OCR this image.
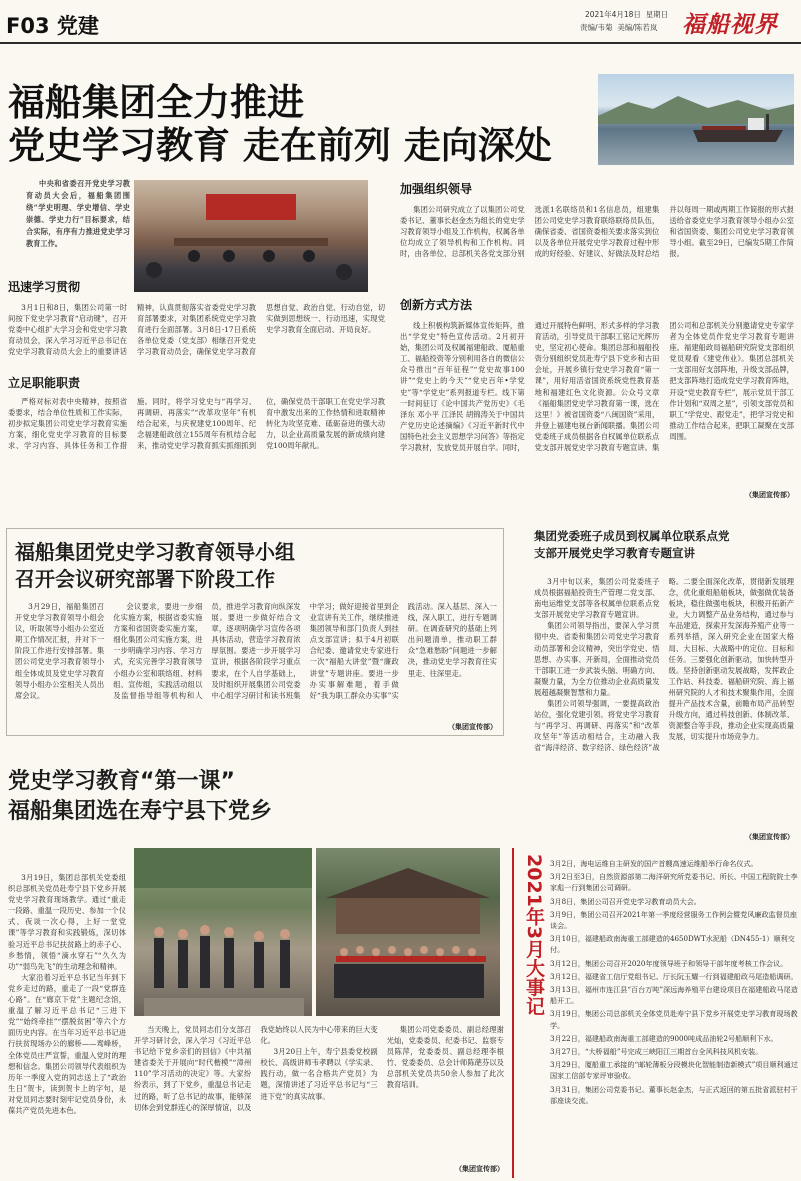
F03 党建	2021年4月18日 星期日
责编/韦菊 美编/陈若岚 福船视界
福船集团全力推进
党史学习教育 走在前列 走向深处
中央和省委召开党史学习教育动员大会后，福船集团围绕“学史明理、学史增信、学史崇德、学史力行”目标要求，结合实际，有序有力推进党史学习教育工作。
迅速学习贯彻

3月1日和8日，集团公司第一时间按下党史学习教育“启动键”，召开党委中心组扩大学习会和党史学习教育动员会，深入学习习近平总书记在党史学习教育动员大会上的重要讲话精神，认真贯彻落实省委党史学习教育部署要求，对集团系统党史学习教育进行全面部署。3月8日-17日系统各单位党委（党支部）相继召开党史学习教育动员会，确保党史学习教育思想自觉、政治自觉、行动自觉，切实做到思想统一、行动迅速，实现党史学习教育全面启动、开局良好。

立足职能职责

严格对标对表中央精神，按照省委要求，结合单位性质和工作实际，初步拟定集团公司党史学习教育实施方案，细化党史学习教育的目标要求、学习内容、具体任务和工作措施。同时，将学习党史与“再学习、再调研、再落实”“改革攻坚年”有机结合起来，与庆祝建党100周年、纪念福建船政创立155周年有机结合起来，推动党史学习教育抓实抓细抓到位，确保党员干部职工在党史学习教育中激发出来的工作热情和进取精神转化为攻坚克难、砥砺奋进的强大动力，以企业高质量发展的新成绩向建党100周年献礼。

加强组织领导

集团公司研究成立了以集团公司党委书记、董事长赵金杰为组长的党史学习教育领导小组及工作机构，权属各单位均成立了领导机构和工作机构。同时，由各单位、总部机关各党支部分别选派1名联络员和1名信息员，组建集团公司党史学习教育联络联络员队伍，确保省委、省国资委相关要求落实到位以及各单位开展党史学习教育过程中形成的好经验、好建议、好做法及时总结并以每周一期或两期工作简报的形式报送给省委党史学习教育领导小组办公室和省国资委、集团公司党史学习教育领导小组。截至29日，已编发5期工作简报。

创新方式方法

线上积极构筑新媒体宣传矩阵，推出“学党史”特色宣传活动。2月初开始，集团公司及权属福建船政、厦船重工、福船投资等分别利用各自的微信公众号推出“百年征程”“党史故事100讲”“党史上的今天”“党史百年•学党史”等“学党史”系列报道专栏。线下第一时间征订《论中国共产党历史》《毛泽东 邓小平 江泽民 胡锦涛关于中国共产党历史论述摘编》《习近平新时代中国特色社会主义思想学习问答》等指定学习教材，发放党员开展自学。同时，通过开展特色鲜明、形式多样的学习教育活动，引导党员干部职工铭记光辉历史，坚定初心使命。集团总部和福船投资分别组织党员赴寿宁县下党乡和古田会址，开展乡镇行党史学习教育“第一课”，用好用活省国资系统党性教育基地和福建红色文化资源。公众号文章《福船集团党史学习教育第一课，选在这里！》被省国资委“八闽国资”采用，并登上福建电视台新闻联播。集团公司党委班子成员根据各自权属单位联系点党支部开展党史学习教育专题宣讲。集团公司和总部机关分别邀请党史专家学者为全体党员作党史学习教育专题讲座。福建船政局福船研究院党支部组织党员观看《建党伟业》。集团总部机关一支部用好支部阵地，升级支部品牌，把支部阵地打造成党史学习教育阵地，开设“党史教育专栏”，展示党员干部工作计划和“双周之星”，引领支部党员和职工“学党史、跟党走”，把学习党史和推动工作结合起来，把职工凝聚在支部周围。

（集团宣传部）
福船集团党史学习教育领导小组
召开会议研究部署下阶段工作

3月29日，福船集团召开党史学习教育领导小组会议，听取领导小组办公室近期工作情况汇报，并对下一阶段工作进行安排部署。集团公司党史学习教育领导小组全体成员及党史学习教育领导小组办公室相关人员出席会议。

会议要求，要进一步细化实施方案，根据省委实施方案和省国资委实施方案，细化集团公司实施方案，进一步明确学习内容、学习方式，充实完善学习教育领导小组办公室和联络组、材料组、宣传组，实践活动组以及监督指导组等机构和人员，推进学习教育向纵深发展。要进一步做好结合文章，逐项明确学习宣传各项具体活动，营造学习教育浓厚氛围。要进一步开展学习宣讲，根据各阶段学习重点要求，在个人自学基础上，及时组织开展集团公司党委中心组学习研讨和读书班集中学习；做好迎接省里到企业宣讲有关工作，继续推进集团领导和部门负责人到挂点支部宣讲；拟于4月初联合纪委、邀请党史专家进行一次“福船大讲堂”暨“廉政讲堂”专题讲座。要进一步办实事解难题，着手做好“我为职工群众办实事”实践活动。深入基层、深入一线，深入职工，进行专题调研。在调查研究的基础上列出问题清单，推动职工群众“急难愁盼”问题进一步解决，推动党史学习教育往实里走、往深里走。

（集团宣传部）
集团党委班子成员到权属单位联系点党
支部开展党史学习教育专题宣讲

3月中旬以来，集团公司党委班子成员根据福船投资生产管理二党支部、南电运维党支部等各权属单位联系点党支部开展党史学习教育专题宣讲。

集团公司领导指出，要深入学习贯彻中央、省委和集团公司党史学习教育动员部署和会议精神，突出学党史、悟思想、办实事、开新局，全面推动党员干部职工进一步武装头脑、明确方向、凝聚力量，为全方位推动企业高质量发展超越凝聚智慧和力量。

集团公司领导强调，一要提高政治站位，强化党建引领。将党史学习教育与“再学习、再调研、再落实”和“改革攻坚年”等活动相结合，主动融入我省“海洋经济、数字经济、绿色经济”战略。二要全面深化改革，贯彻新发展理念，优化重组船舶板块，做强做优装备板块，稳住做强电板块，积极开拓新产业，大力调整产品业务结构，通过参与车品建造，探索开发深海养殖产业等一系列举措，深入研究企业在国家大格局、大目标、大战略中的定位、目标和任务。三要强化创新驱动，加快转型升级。坚持创新驱动发展战略，发挥政企工作站、科技委、福船研究院、海上福州研究院的人才和技术聚集作用，全面提升产品技术含量，前瞻布局产品转型升级方向，通过科技创新、体制改革、资源整合等手段，推动企业实现高质量发展，切实提升市场竞争力。

（集团宣传部）
党史学习教育“第一课”
福船集团选在寿宁县下党乡

3月19日，集团总部机关党委组织总部机关党员赴寿宁县下党乡开展党史学习教育现场教学。通过“重走一段路、重温一段历史、参加一个仪式、夜谈一次心得，上好一堂党课”等学习教育和实践锻炼，深切体验习近平总书记扶贫路上的赤子心、乡愁情，领悟“滴水穿石”“久久为功”“弱鸟先飞”的生动理念和精神。

大家沿着习近平总书记当年到下党乡走过的路，重走了一段“党群连心路”。在“廊京下党”主题纪念馆，重温了解习近平总书记“三进下党”“始终牵挂”“摆脱贫困”等六个方面历史内容。在当年习近平总书记进行扶贫现场办公的廊桥——鸾峰桥，全体党员庄严宣誓，重温入党时的理想和信念。集团公司领导代表组织为历年一季度入党的同志送上了“政治生日”贺卡，读到贺卡上的字句，是对党员同志要时刻牢记党员身份，永葆共产党员先进本色。

当天晚上，党员同志们分支部召开学习研讨会，深入学习《习近平总书记给下党乡亲们的回信》《中共福建省委关于开展向“时代楷模”“漳州110”学习活动的决定》等。大家纷纷表示，到了下党乡，重温总书记走过的路，听了总书记的故事，能够深切体会到党群连心的深厚情谊，以及我党始终以人民为中心带来的巨大变化。

3月20日上午，寿宁县委党校副校长、高级讲师韦孝聘以《学实录、践行动，做一名合格共产党员》为题，深情讲述了习近平总书记与“三进下党”的真实故事。

集团公司党委委员、副总经理谢光灿，党委委员、纪委书记、监察专员陈萍，党委委员、副总经理李根竹、党委委员、总会计师陈葩芬以及总部机关党员共50余人参加了此次教育培训。

（集团宣传部）
2021年3月大事记 3月2日，海电运维自主研发的国产首艘高速运维船举行命名仪式。
3月2日至3日，自然资源部第二海洋研究所党委书记、所长、中国工程院院士李家彪一行到集团公司调研。
3月8日，集团公司召开党史学习教育动员大会。
3月9日，集团公司召开2021年第一季度经营服务工作例会暨党风廉政监督员座谈会。
3月10日，福建船政南海重工部建造的4650DWT水泥船（DN455-1）顺利交付。
3月12日，集团公司召开2020年度领导班子和领导干部年度考核工作会议。
3月12日，福建省工信厅党组书记、厅长阮玉耀一行到福建船政马尾造船调研。
3月13日，福州市连江县“百台万吨”深远海养殖平台建设项目在福建船政马尾造船开工。
3月19日，集团公司总部机关全体党员赴寿宁县下党乡开展党史学习教育现场教学。
3月22日，福建船政南海重工部建造的9000吨成品油轮2号船顺利下水。
3月27日，“大桥福船”号完成三峡阳江三期首台全风科技风机安装。
3月29日，厦船重工承接的“邮轮薄板分段模块化智能制造新模式”项目顺利通过国家工信部专家评审验收。
3月31日，集团公司党委书记、董事长赵金杰，与正式返回的第五批省派驻村干部座谈交流。
